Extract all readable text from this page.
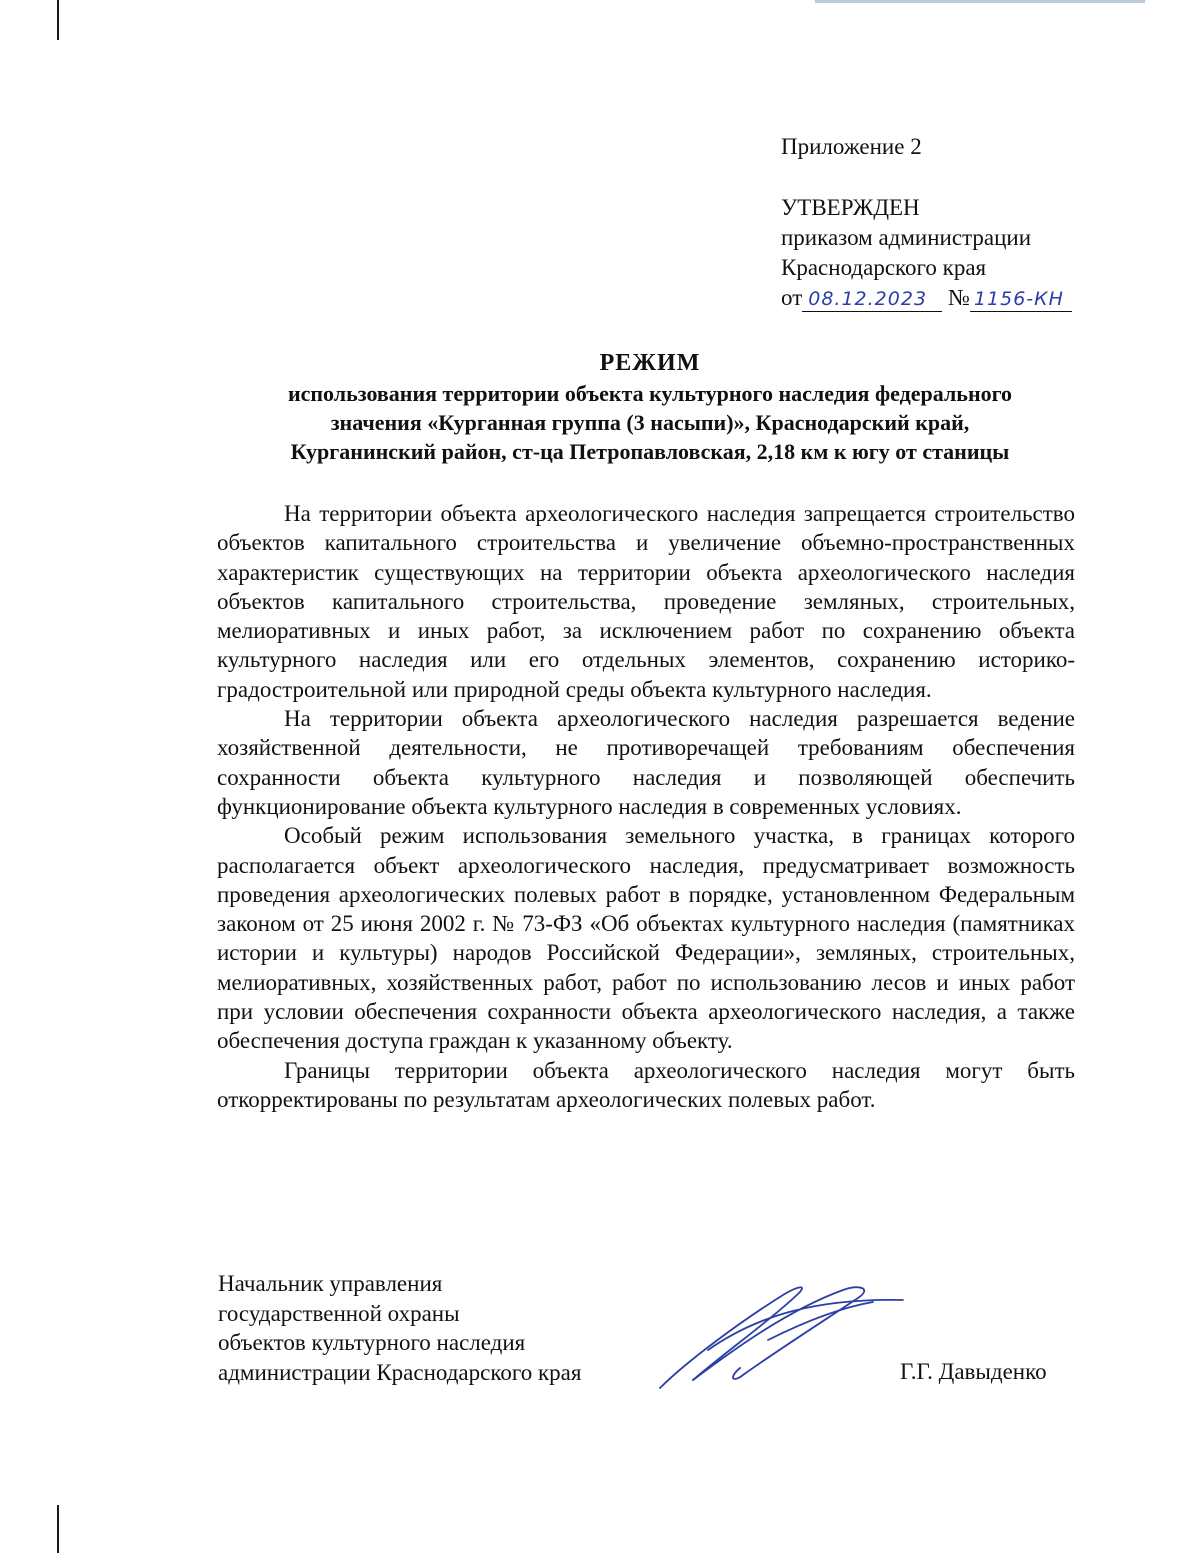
Приложение 2
УТВЕРЖДЕН
приказом администрации
Краснодарского края
от 08.12.2023 № 1156-КН
РЕЖИМ
использования территории объекта культурного наследия федерального
значения «Курганная группа (3 насыпи)», Краснодарский край,
Курганинский район, ст-ца Петропавловская, 2,18 км к югу от станицы

На территории объекта археологического наследия запрещается строительство объектов капитального строительства и увеличение объемно-пространственных характеристик существующих на территории объекта археологического наследия объектов капитального строительства, проведение земляных, строительных, мелиоративных и иных работ, за исключением работ по сохранению объекта культурного наследия или его отдельных элементов, сохранению историко-градостроительной или природной среды объекта культурного наследия.

На территории объекта археологического наследия разрешается ведение хозяйственной деятельности, не противоречащей требованиям обеспечения сохранности объекта культурного наследия и позволяющей обеспечить функционирование объекта культурного наследия в современных условиях.

Особый режим использования земельного участка, в границах которого располагается объект археологического наследия, предусматривает возможность проведения археологических полевых работ в порядке, установленном Федеральным законом от 25 июня 2002 г. № 73-ФЗ «Об объектах культурного наследия (памятниках истории и культуры) народов Российской Федерации», земляных, строительных, мелиоративных, хозяйственных работ, работ по использованию лесов и иных работ при условии обеспечения сохранности объекта археологического наследия, а также обеспечения доступа граждан к указанному объекту.

Границы территории объекта археологического наследия могут быть откорректированы по результатам археологических полевых работ.

Начальник управления
государственной охраны
объектов культурного наследия
администрации Краснодарского края	Г.Г. Давыденко
